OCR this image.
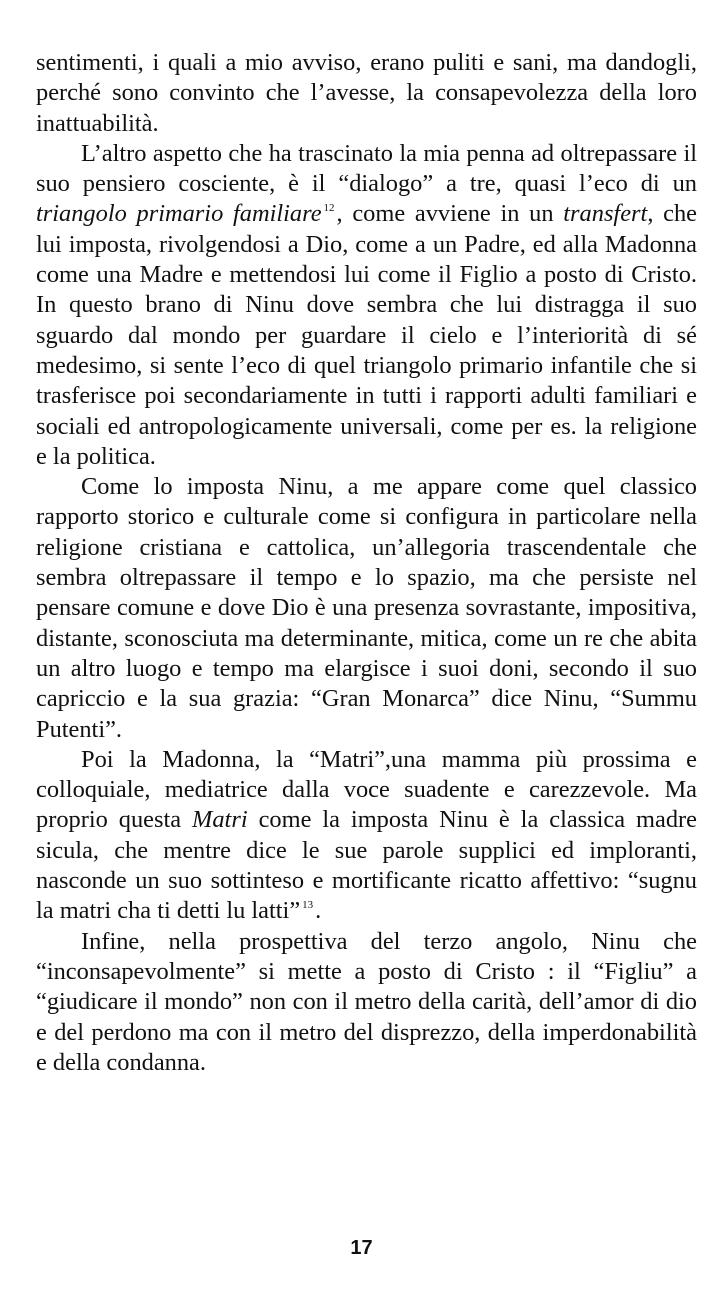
sentimenti, i quali a mio avviso, erano puliti e sani, ma dandogli, perché sono convinto che l’avesse, la consapevolezza della loro inattuabilità.

L’altro aspetto che ha trascinato la mia penna ad oltrepassare il suo pensiero cosciente, è il “dialogo” a tre, quasi l’eco di un triangolo primario familiare $^{12}$, come avviene in un transfert, che lui imposta, rivolgendosi a Dio, come a un Padre, ed alla Madonna come una Madre e mettendosi lui come il Figlio a posto di Cristo. In questo brano di Ninu dove sembra che lui distragga il suo sguardo dal mondo per guardare il cielo e l’interiorità di sé medesimo, si sente l’eco di quel triangolo primario infantile che si trasferisce poi secondariamente in tutti i rapporti adulti familiari e sociali ed antropologicamente universali, come per es. la religione e la politica.

Come lo imposta Ninu, a me appare come quel classico rapporto storico e culturale come si configura in particolare nella religione cristiana e cattolica, un’allegoria trascendentale che sembra oltrepassare il tempo e lo spazio, ma che persiste nel pensare comune e dove Dio è una presenza sovrastante, impositiva, distante, sconosciuta ma determinante, mitica, come un re che abita un altro luogo e tempo ma elargisce i suoi doni, secondo il suo capriccio e la sua grazia: “Gran Monarca” dice Ninu, “Summu Putenti”.

Poi la Madonna, la “Matri”,una mamma più prossima e colloquiale, mediatrice dalla voce suadente e carezzevole. Ma proprio questa Matri come la imposta Ninu è la classica madre sicula, che mentre dice le sue parole supplici ed imploranti, nasconde un suo sottinteso e mortificante ricatto affettivo: “sugnu la matri cha ti detti lu latti” $^{13}$.

Infine, nella prospettiva del terzo angolo, Ninu che “inconsapevolmente” si mette a posto di Cristo : il “Figliu” a “giudicare il mondo” non con il metro della carità, dell’amor di dio e del perdono ma con il metro del disprezzo, della imperdonabilità e della condanna.

17
